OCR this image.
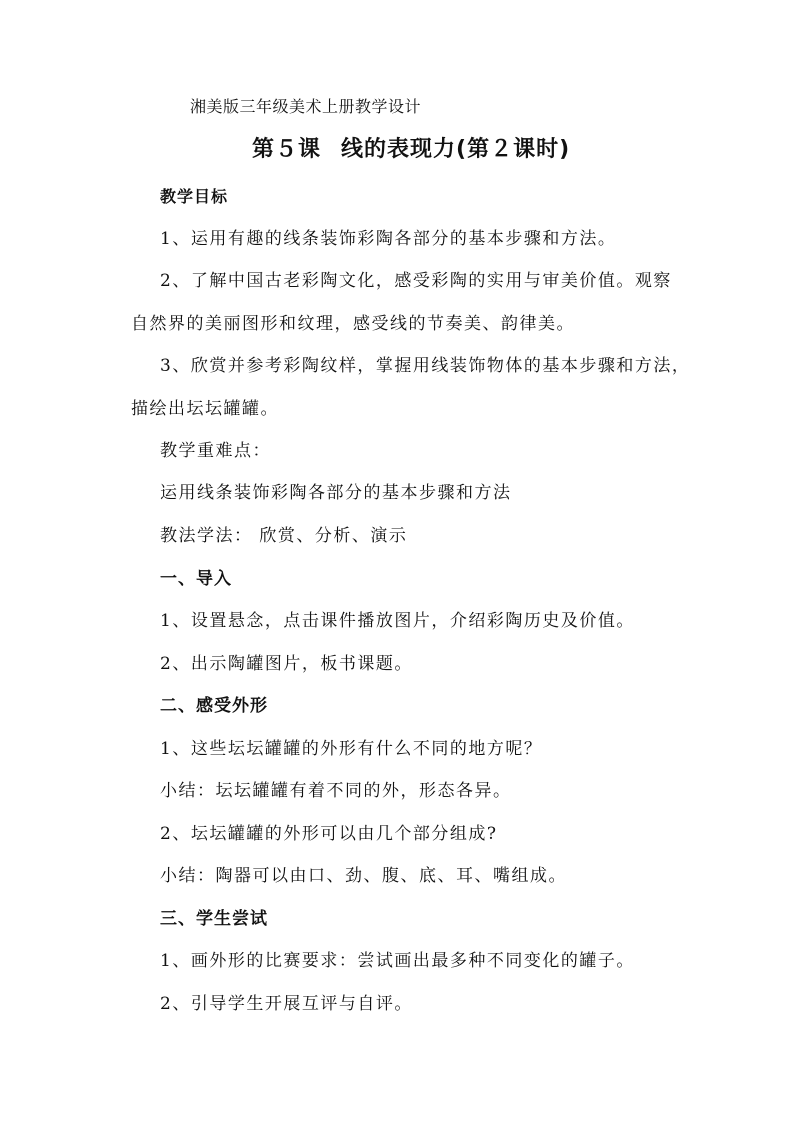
湘美版三年级美术上册教学设计
第５课 线的表现力(第２课时)
教学目标
1、运用有趣的线条装饰彩陶各部分的基本步骤和方法。
2、了解中国古老彩陶文化，感受彩陶的实用与审美价值。观察
自然界的美丽图形和纹理，感受线的节奏美、韵律美。
3、欣赏并参考彩陶纹样，掌握用线装饰物体的基本步骤和方法，
描绘出坛坛罐罐。
教学重难点：
运用线条装饰彩陶各部分的基本步骤和方法
教法学法： 欣赏、分析、演示
一、导入
1、设置悬念，点击课件播放图片，介绍彩陶历史及价值。
2、出示陶罐图片，板书课题。
二、感受外形
1、这些坛坛罐罐的外形有什么不同的地方呢？
小结：坛坛罐罐有着不同的外，形态各异。
2、坛坛罐罐的外形可以由几个部分组成?
小结：陶器可以由口、劲、腹、底、耳、嘴组成。
三、学生尝试
1、画外形的比赛要求：尝试画出最多种不同变化的罐子。
2、引导学生开展互评与自评。
